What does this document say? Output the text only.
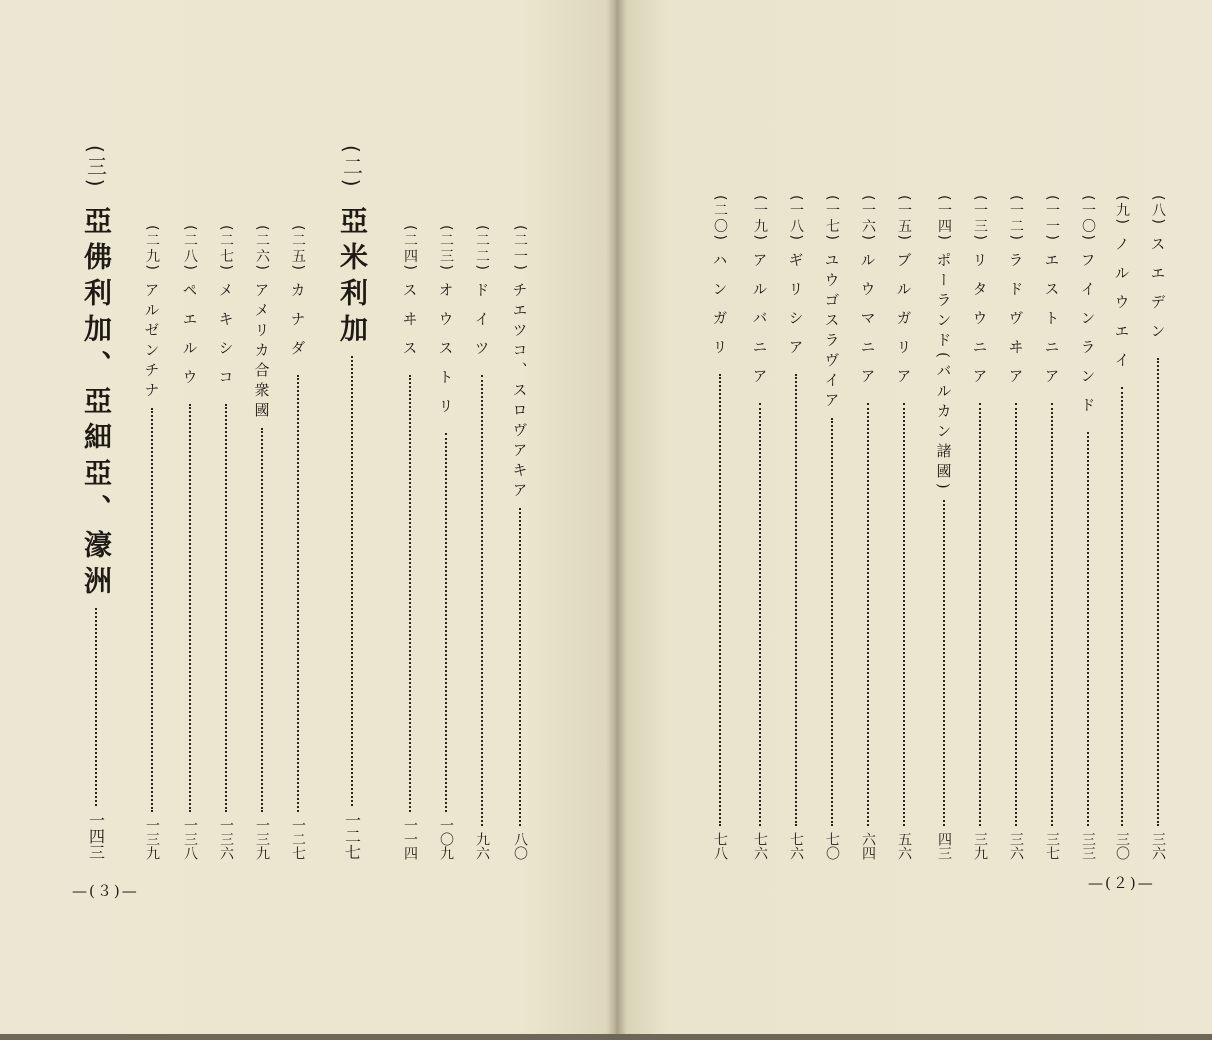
(二一)
チエツコ、スロヴアキア
八〇
(二二)
ドイツ
九六
(二三)
オウストリ
一〇九
(二四)
スヰス
一一四
(二)
亞米利加
一二七
(二五)
カナダ
一二七
(二六)
アメリカ合衆國
一三九
(二七)
メキシコ
一三六
(二八)
ペエルウ
一三八
(二九)
アルゼンチナ
一三九
(三)
亞佛利加、亞細亞、濠洲
一四三
(八)
スエデン
三六
(九)
ノルウエイ
三〇
(一〇)
フインランド
三三
(一一)
エストニア
三七
(一二)
ラドヴヰア
三六
(一三)
リタウニア
三九
(一四)
ポーランド(バルカン諸國)
四三
(一五)
ブルガリア
五六
(一六)
ルウマニア
六四
(一七)
ユウゴスラヴイア
七〇
(一八)
ギリシア
七六
(一九)
アルバニア
七六
(二〇)
ハンガリ
七八
—(３)—	—(２)—
